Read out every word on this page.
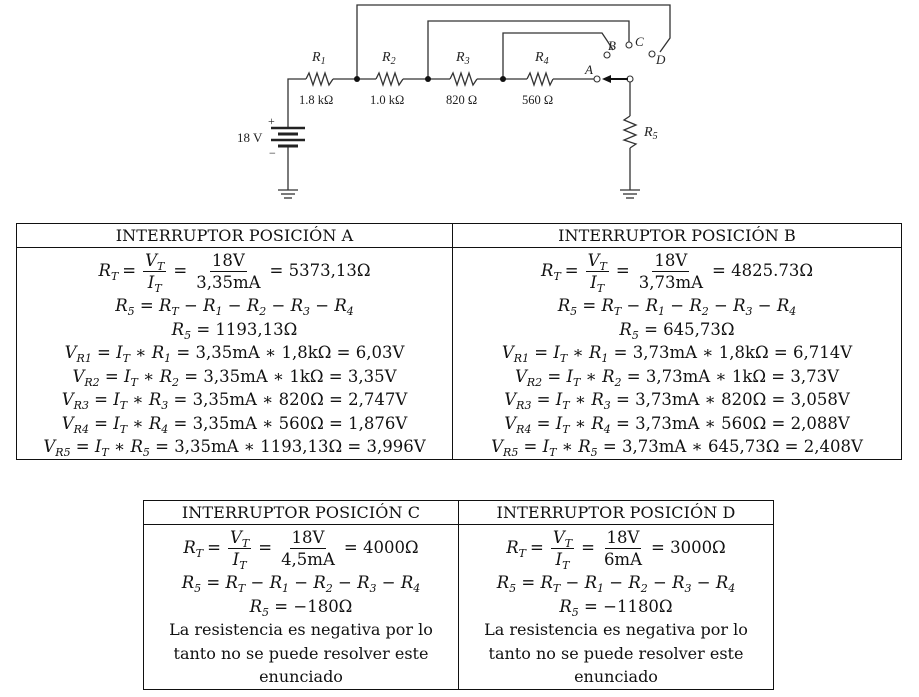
$R_1$	$R_2$	$R_3$	$R_4$
$R_5$
1.8 kΩ	1.0 kΩ	820 Ω	560 Ω
18 V
+
−
A
B C
D
INTERRUPTOR POSICIÓN A	INTERRUPTOR POSICIÓN B

$R_T = \frac{V_T}{I_T} = \frac{18V}{3,35mA} = 5373,13\Omega$
$R_5 = R_T - R_1 - R_2 - R_3 - R_4$
$R_5 = 1193,13\Omega$
$V_{R1} = I_T$ ∗ $R_1 = 3,35mA$ ∗ 1,8kΩ = 6,03V
$V_{R2} = I_T$ ∗ $R_2 = 3,35mA$ ∗ 1kΩ = 3,35V
$V_{R3} = I_T$ ∗ $R_3 = 3,35mA$ ∗ 820Ω = 2,747V
$V_{R4} = I_T$ ∗ $R_4 = 3,35mA$ ∗ 560Ω = 1,876V
$V_{R5} = I_T$ ∗ $R_5 = 3,35mA$ ∗ 1193,13Ω = 3,996V

$R_T = \frac{V_T}{I_T} = \frac{18V}{3,73mA} = 4825.73\Omega$
$R_5 = R_T - R_1 - R_2 - R_3 - R_4$
$R_5 = 645,73\Omega$
$V_{R1} = I_T$ ∗ $R_1 = 3,73mA$ ∗ 1,8kΩ = 6,714V
$V_{R2} = I_T$ ∗ $R_2 = 3,73mA$ ∗ 1kΩ = 3,73V
$V_{R3} = I_T$ ∗ $R_3 = 3,73mA$ ∗ 820Ω = 3,058V
$V_{R4} = I_T$ ∗ $R_4 = 3,73mA$ ∗ 560Ω = 2,088V
$V_{R5} = I_T$ ∗ $R_5 = 3,73mA$ ∗ 645,73Ω = 2,408V
INTERRUPTOR POSICIÓN C	INTERRUPTOR POSICIÓN D

$R_T = \frac{V_T}{I_T} = \frac{18V}{4,5mA} = 4000\Omega$
$R_5 = R_T - R_1 - R_2 - R_3 - R_4$
$R_5 = -180\Omega$
La resistencia es negativa por lo
tanto no se puede resolver este
enunciado

$R_T = \frac{V_T}{I_T} = \frac{18V}{6mA} = 3000\Omega$
$R_5 = R_T - R_1 - R_2 - R_3 - R_4$
$R_5 = -1180\Omega$
La resistencia es negativa por lo
tanto no se puede resolver este
enunciado
